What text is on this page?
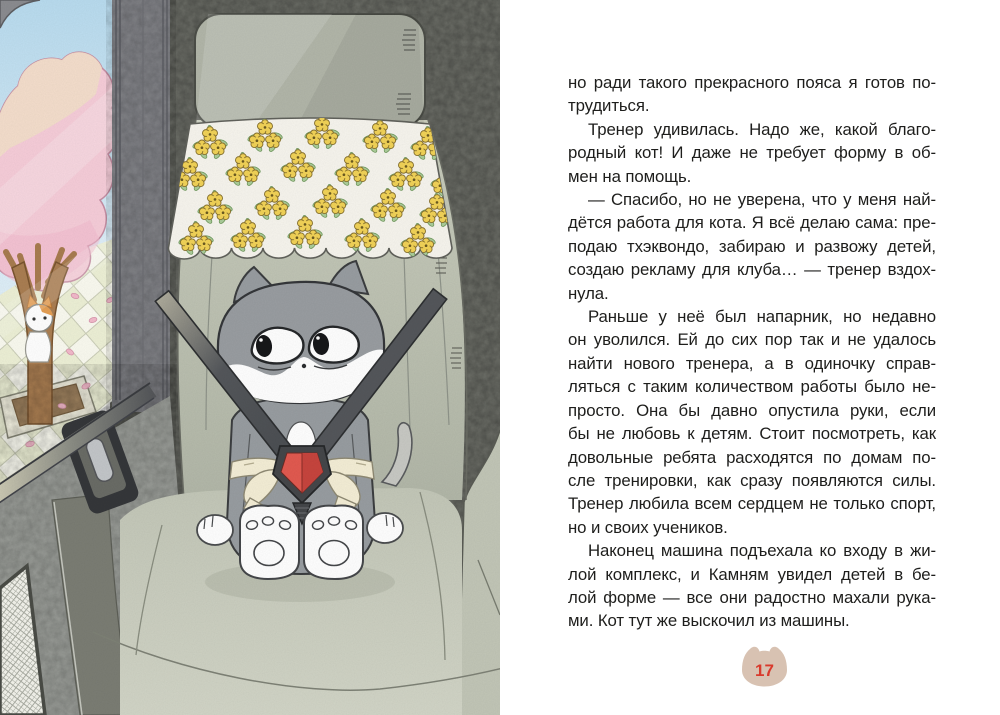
но ради такого прекрасного пояса я готов по-
трудиться.
Тренер удивилась. Надо же, какой благо-
родный кот! И даже не требует форму в об-
мен на помощь.
— Спасибо, но не уверена, что у меня най-
дётся работа для кота. Я всё делаю сама: пре-
подаю тхэквондо, забираю и развожу детей,
создаю рекламу для клуба… — тренер вздох-
нула.
Раньше у неё был напарник, но недавно
он уволился. Ей до сих пор так и не удалось
найти нового тренера, а в одиночку справ-
ляться с таким количеством работы было не-
просто. Она бы давно опустила руки, если
бы не любовь к детям. Стоит посмотреть, как
довольные ребята расходятся по домам по-
сле тренировки, как сразу появляются силы.
Тренер любила всем сердцем не только спорт,
но и своих учеников.
Наконец машина подъехала ко входу в жи-
лой комплекс, и Камням увидел детей в бе-
лой форме — все они радостно махали рука-
ми. Кот тут же выскочил из машины.
17
